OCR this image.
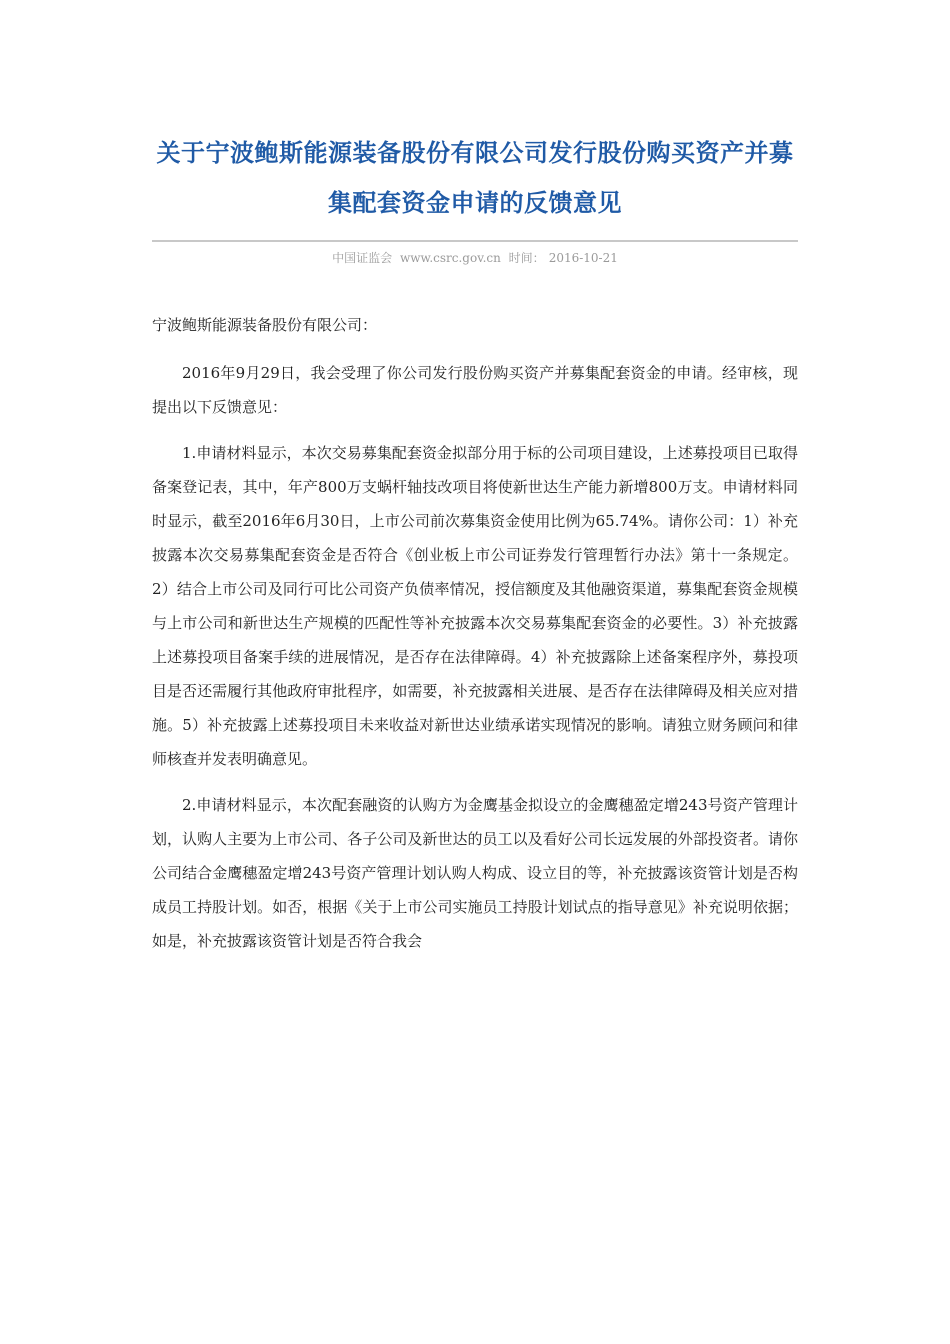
关于宁波鲍斯能源装备股份有限公司发行股份购买资产并募
集配套资金申请的反馈意见
中国证监会 www.csrc.gov.cn 时间： 2016-10-21

宁波鲍斯能源装备股份有限公司：

2016年9月29日，我会受理了你公司发行股份购买资产并募集配套资金的申请。经审核，现提出以下反馈意见：

1.申请材料显示，本次交易募集配套资金拟部分用于标的公司项目建设，上述募投项目已取得备案登记表，其中，年产800万支蜗杆轴技改项目将使新世达生产能力新增800万支。申请材料同时显示，截至2016年6月30日，上市公司前次募集资金使用比例为65.74%。请你公司：1）补充披露本次交易募集配套资金是否符合《创业板上市公司证券发行管理暂行办法》第十一条规定。2）结合上市公司及同行可比公司资产负债率情况，授信额度及其他融资渠道，募集配套资金规模与上市公司和新世达生产规模的匹配性等补充披露本次交易募集配套资金的必要性。3）补充披露上述募投项目备案手续的进展情况，是否存在法律障碍。4）补充披露除上述备案程序外，募投项目是否还需履行其他政府审批程序，如需要，补充披露相关进展、是否存在法律障碍及相关应对措施。5）补充披露上述募投项目未来收益对新世达业绩承诺实现情况的影响。请独立财务顾问和律师核查并发表明确意见。

2.申请材料显示，本次配套融资的认购方为金鹰基金拟设立的金鹰穗盈定增243号资产管理计划，认购人主要为上市公司、各子公司及新世达的员工以及看好公司长远发展的外部投资者。请你公司结合金鹰穗盈定增243号资产管理计划认购人构成、设立目的等，补充披露该资管计划是否构成员工持股计划。如否，根据《关于上市公司实施员工持股计划试点的指导意见》补充说明依据；如是，补充披露该资管计划是否符合我会
